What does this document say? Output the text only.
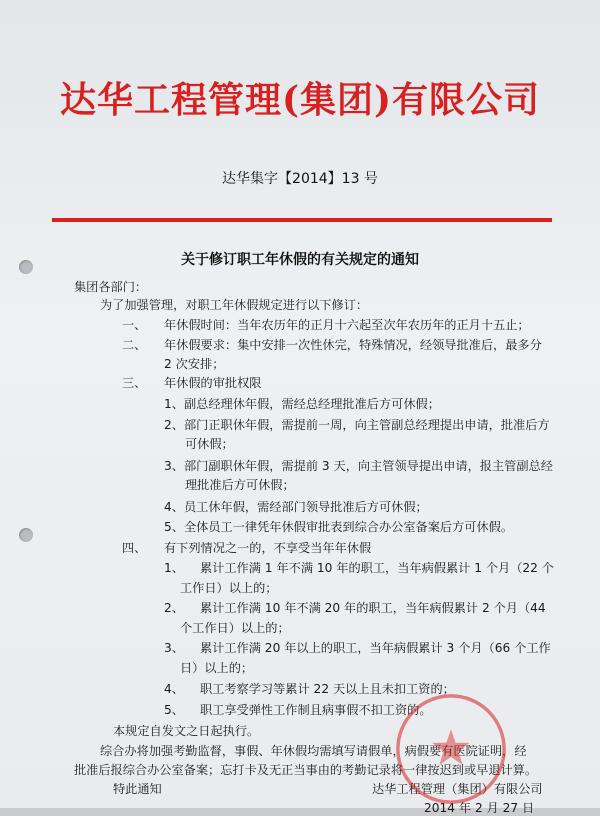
达华工程管理(集团)有限公司
达华集字【2014】13 号
关于修订职工年休假的有关规定的通知
集团各部门：
为了加强管理，对职工年休假规定进行以下修订：
一、 年休假时间：当年农历年的正月十六起至次年农历年的正月十五止；
二、 年休假要求：集中安排一次性休完，特殊情况，经领导批准后，最多分
2 次安排；
三、 年休假的审批权限
1、副总经理休年假，需经总经理批准后方可休假；
2、部门正职休年假，需提前一周，向主管副总经理提出申请，批准后方
可休假；
3、部门副职休年假，需提前 3 天，向主管领导提出申请，报主管副总经
理批准后方可休假；
4、员工休年假，需经部门领导批准后方可休假；
5、全体员工一律凭年休假审批表到综合办公室备案后方可休假。
四、 有下列情况之一的，不享受当年年休假
1、 累计工作满 1 年不满 10 年的职工，当年病假累计 1 个月（22 个
工作日）以上的；
2、 累计工作满 10 年不满 20 年的职工，当年病假累计 2 个月（44
个工作日）以上的；
3、 累计工作满 20 年以上的职工，当年病假累计 3 个月（66 个工作
日）以上的；
4、 职工考察学习等累计 22 天以上且未扣工资的；
5、 职工享受弹性工作制且病事假不扣工资的。
本规定自发文之日起执行。
综合办将加强考勤监督，事假、年休假均需填写请假单，病假要有医院证明，经
批准后报综合办公室备案；忘打卡及无正当事由的考勤记录将一律按迟到或早退计算。
特此通知	达华工程管理（集团）有限公司
2014 年 2 月 27 日
